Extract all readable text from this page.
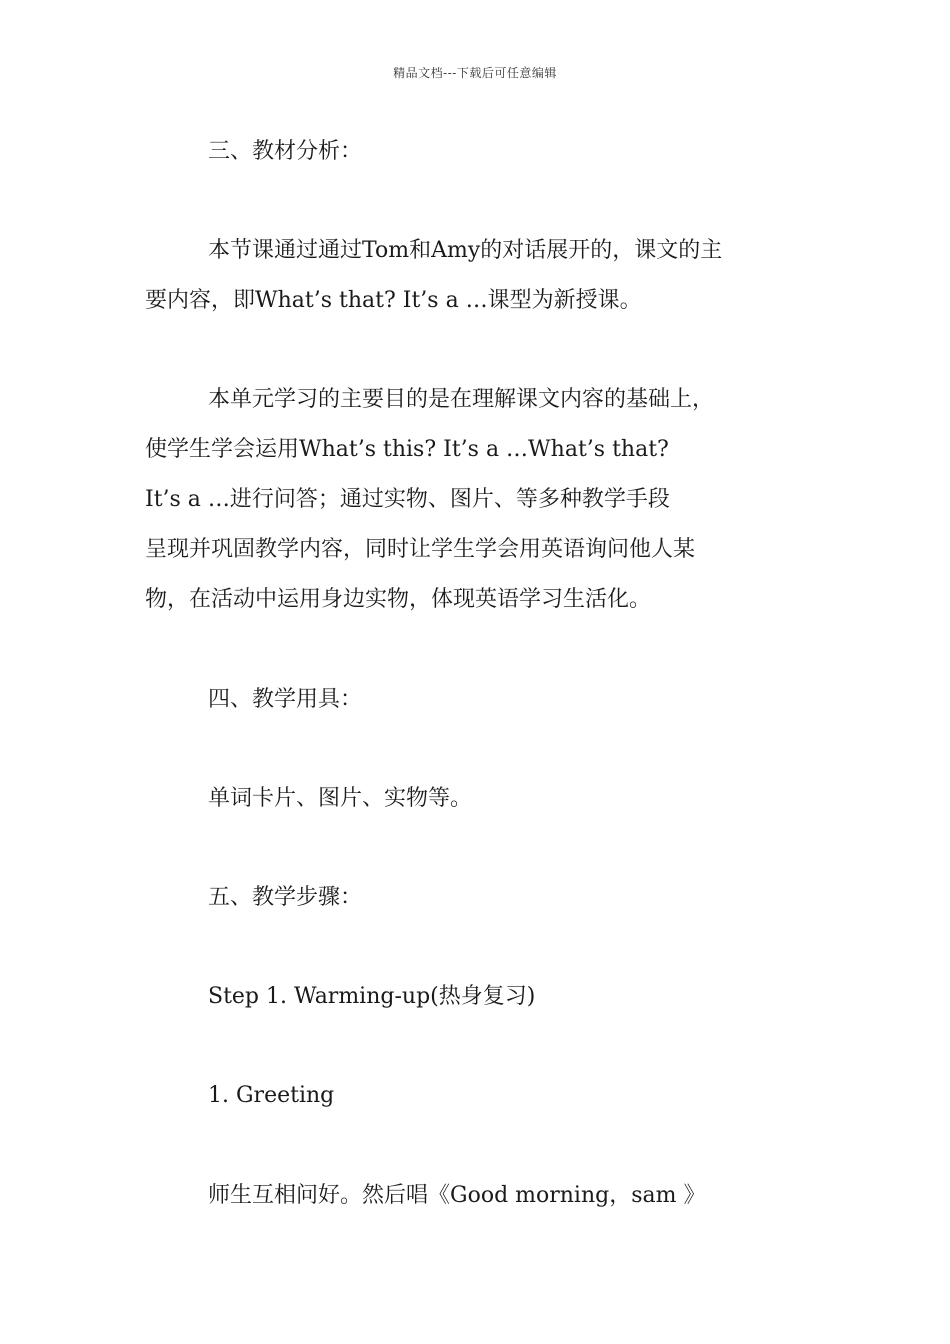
精品文档---下载后可任意编辑
三、教材分析：
本节课通过通过Tom和Amy的对话展开的，课文的主
要内容，即What’s that? It’s a …课型为新授课。
本单元学习的主要目的是在理解课文内容的基础上，
使学生学会运用What’s this? It’s a …What’s that?
It’s a …进行问答；通过实物、图片、等多种教学手段
呈现并巩固教学内容，同时让学生学会用英语询问他人某
物，在活动中运用身边实物，体现英语学习生活化。
四、教学用具：
单词卡片、图片、实物等。
五、教学步骤：
Step 1. Warming-up(热身复习)
1. Greeting
师生互相问好。然后唱《Good morning，sam 》
